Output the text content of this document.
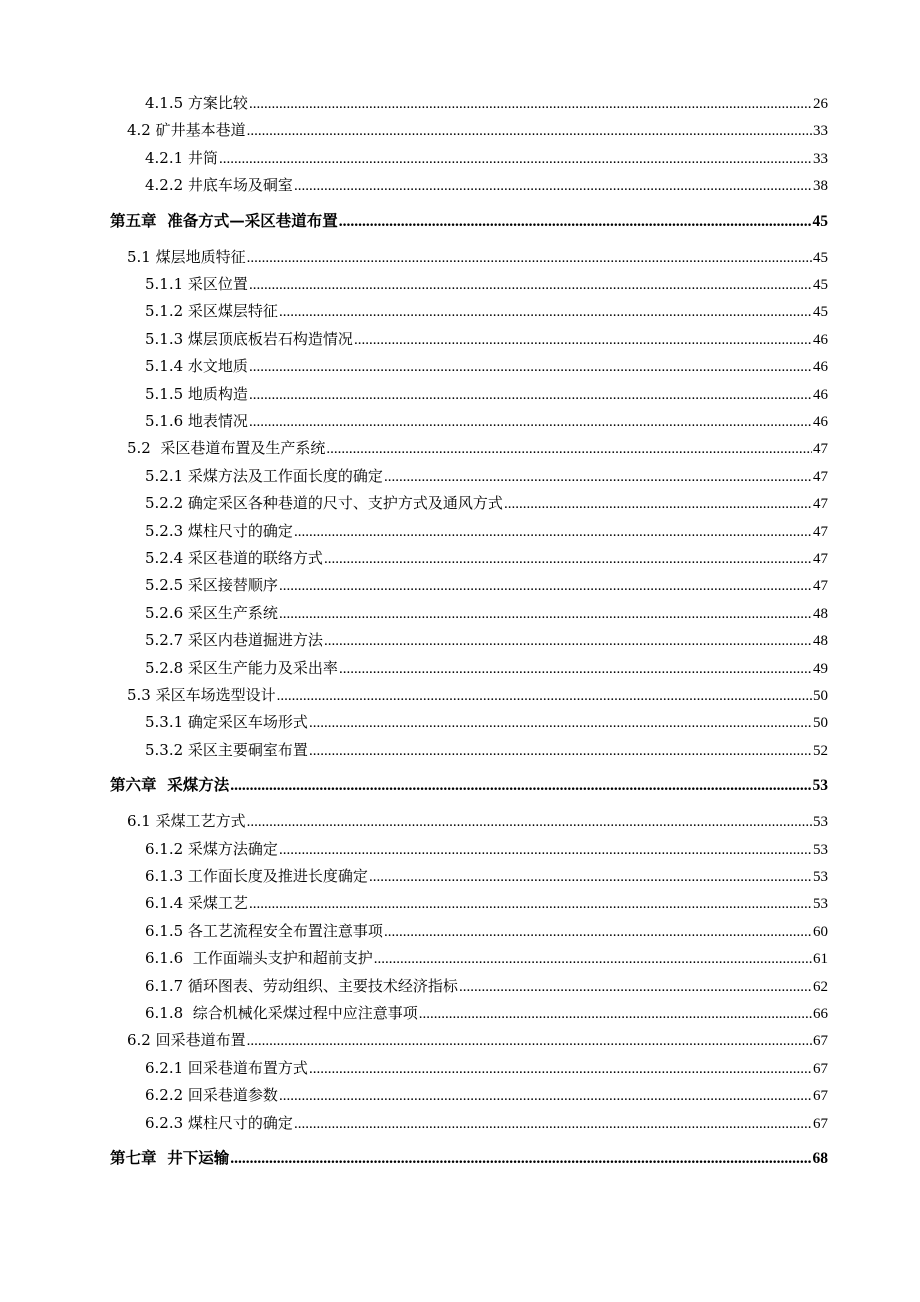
4.1.5 方案比较 .....	26
4.2 矿井基本巷道 .....	33
4.2.1 井筒 .....	33
4.2.2 井底车场及硐室 .....	38
第五章  准备方式—采区巷道布置 .....	45
5.1 煤层地质特征 .....	45
5.1.1 采区位置 .....	45
5.1.2 采区煤层特征 .....	45
5.1.3 煤层顶底板岩石构造情况 .....	46
5.1.4 水文地质 .....	46
5.1.5 地质构造 .....	46
5.1.6 地表情况 .....	46
5.2  采区巷道布置及生产系统 .....	47
5.2.1 采煤方法及工作面长度的确定 .....	47
5.2.2 确定采区各种巷道的尺寸、支护方式及通风方式 .....	47
5.2.3 煤柱尺寸的确定 .....	47
5.2.4 采区巷道的联络方式 .....	47
5.2.5 采区接替顺序 .....	47
5.2.6 采区生产系统 .....	48
5.2.7 采区内巷道掘进方法 .....	48
5.2.8 采区生产能力及采出率 .....	49
5.3 采区车场选型设计 .....	50
5.3.1 确定采区车场形式 .....	50
5.3.2 采区主要硐室布置 .....	52
第六章  采煤方法 .....	53
6.1 采煤工艺方式 .....	53
6.1.2 采煤方法确定 .....	53
6.1.3 工作面长度及推进长度确定 .....	53
6.1.4 采煤工艺 .....	53
6.1.5 各工艺流程安全布置注意事项 .....	60
6.1.6  工作面端头支护和超前支护 .....	61
6.1.7 循环图表、劳动组织、主要技术经济指标 .....	62
6.1.8  综合机械化采煤过程中应注意事项 .....	66
6.2 回采巷道布置 .....	67
6.2.1 回采巷道布置方式 .....	67
6.2.2 回采巷道参数 .....	67
6.2.3 煤柱尺寸的确定 .....	67
第七章  井下运输 .....	68
